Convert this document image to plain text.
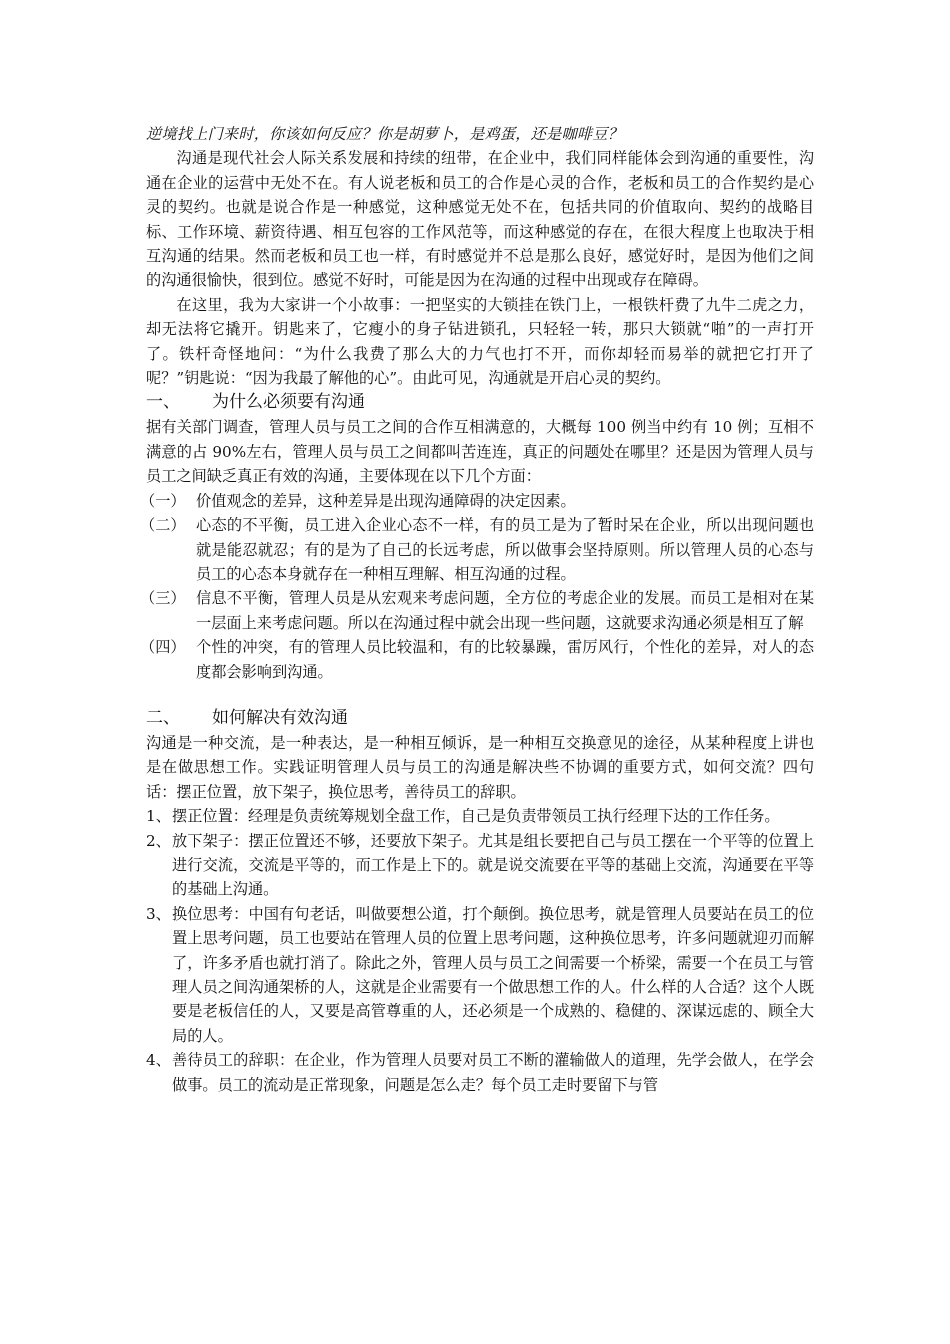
逆境找上门来时，你该如何反应？你是胡萝卜，是鸡蛋，还是咖啡豆？

沟通是现代社会人际关系发展和持续的纽带，在企业中，我们同样能体会到沟通的重要性，沟通在企业的运营中无处不在。有人说老板和员工的合作是心灵的合作，老板和员工的合作契约是心灵的契约。也就是说合作是一种感觉，这种感觉无处不在，包括共同的价值取向、契约的战略目标、工作环境、薪资待遇、相互包容的工作风范等，而这种感觉的存在，在很大程度上也取决于相互沟通的结果。然而老板和员工也一样，有时感觉并不总是那么良好，感觉好时，是因为他们之间的沟通很愉快，很到位。感觉不好时，可能是因为在沟通的过程中出现或存在障碍。

在这里，我为大家讲一个小故事：一把坚实的大锁挂在铁门上，一根铁杆费了九牛二虎之力，却无法将它撬开。钥匙来了，它瘦小的身子钻进锁孔，只轻轻一转，那只大锁就“啪”的一声打开了。铁杆奇怪地问：“为什么我费了那么大的力气也打不开，而你却轻而易举的就把它打开了呢？”钥匙说：“因为我最了解他的心”。由此可见，沟通就是开启心灵的契约。

一、	为什么必须要有沟通

据有关部门调查，管理人员与员工之间的合作互相满意的，大概每 100 例当中约有 10 例；互相不满意的占 90%左右，管理人员与员工之间都叫苦连连，真正的问题处在哪里？还是因为管理人员与员工之间缺乏真正有效的沟通，主要体现在以下几个方面：

（一） 价值观念的差异，这种差异是出现沟通障碍的决定因素。
（二） 心态的不平衡，员工进入企业心态不一样，有的员工是为了暂时呆在企业，所以出现问题也就是能忍就忍；有的是为了自己的长远考虑，所以做事会坚持原则。所以管理人员的心态与员工的心态本身就存在一种相互理解、相互沟通的过程。
（三） 信息不平衡，管理人员是从宏观来考虑问题，全方位的考虑企业的发展。而员工是相对在某一层面上来考虑问题。所以在沟通过程中就会出现一些问题，这就要求沟通必须是相互了解
（四） 个性的冲突，有的管理人员比较温和，有的比较暴躁，雷厉风行，个性化的差异，对人的态度都会影响到沟通。
二、	如何解决有效沟通

沟通是一种交流，是一种表达，是一种相互倾诉，是一种相互交换意见的途径，从某种程度上讲也是在做思想工作。实践证明管理人员与员工的沟通是解决些不协调的重要方式，如何交流？四句话：摆正位置，放下架子，换位思考，善待员工的辞职。

1、 摆正位置：经理是负责统筹规划全盘工作，自己是负责带领员工执行经理下达的工作任务。
2、 放下架子：摆正位置还不够，还要放下架子。尤其是组长要把自己与员工摆在一个平等的位置上进行交流，交流是平等的，而工作是上下的。就是说交流要在平等的基础上交流，沟通要在平等的基础上沟通。
3、 换位思考：中国有句老话，叫做要想公道，打个颠倒。换位思考，就是管理人员要站在员工的位置上思考问题，员工也要站在管理人员的位置上思考问题，这种换位思考，许多问题就迎刃而解了，许多矛盾也就打消了。除此之外，管理人员与员工之间需要一个桥梁，需要一个在员工与管理人员之间沟通架桥的人，这就是企业需要有一个做思想工作的人。什么样的人合适？这个人既要是老板信任的人，又要是高管尊重的人，还必须是一个成熟的、稳健的、深谋远虑的、顾全大局的人。
4、 善待员工的辞职：在企业，作为管理人员要对员工不断的灌输做人的道理，先学会做人，在学会做事。员工的流动是正常现象，问题是怎么走？每个员工走时要留下与管
